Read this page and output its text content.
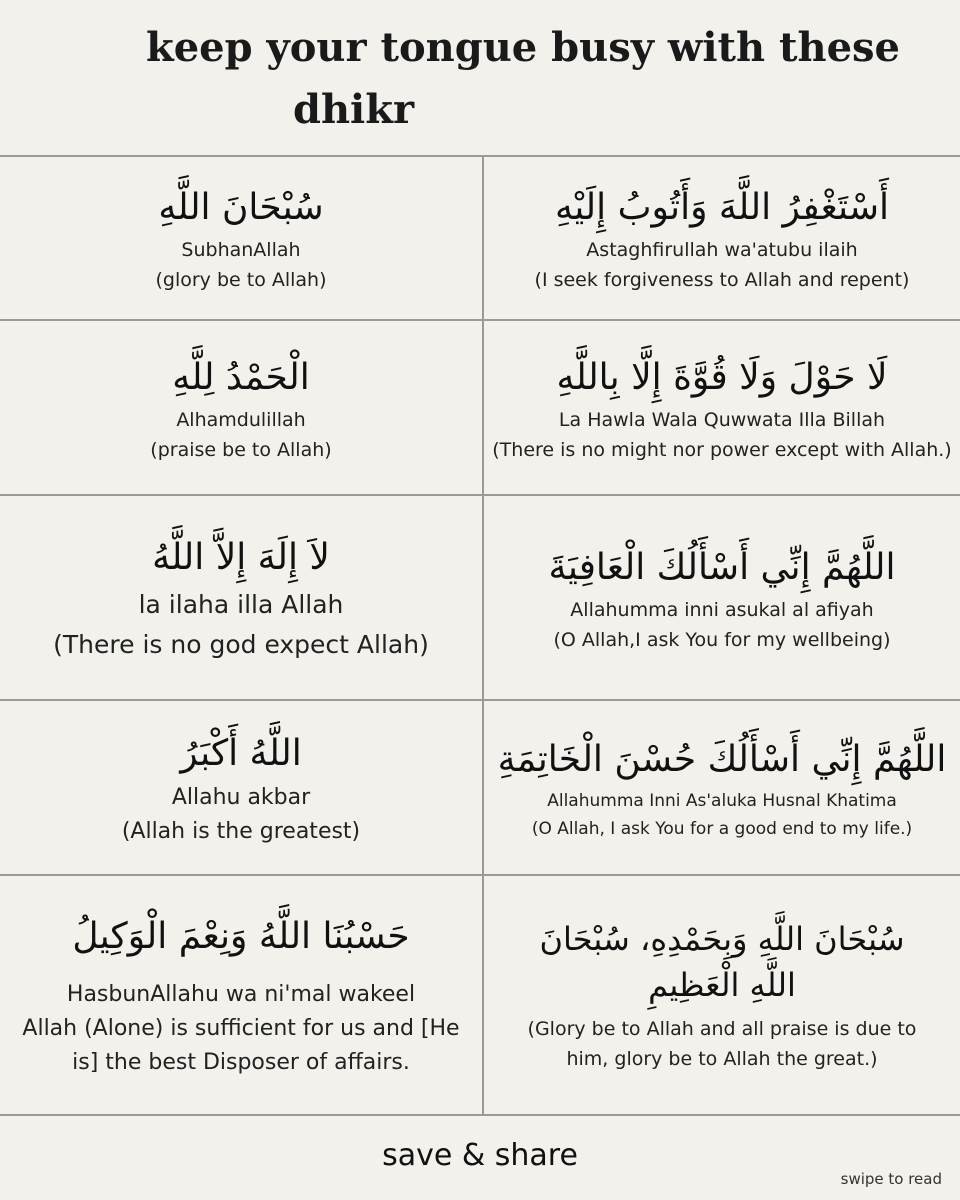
keep your tongue busy with these
dhikr
سُبْحَانَ اللَّهِ
SubhanAllah
(glory be to Allah)
أَسْتَغْفِرُ اللَّهَ وَأَتُوبُ إِلَيْهِ
Astaghfirullah wa'atubu ilaih
(I seek forgiveness to Allah and repent)
الْحَمْدُ لِلَّهِ
Alhamdulillah
(praise be to Allah)
لَا حَوْلَ وَلَا قُوَّةَ إِلَّا بِاللَّهِ
La Hawla Wala Quwwata Illa Billah
(There is no might nor power except with Allah.)
لاَ إِلَهَ إِلاَّ اللَّهُ
la ilaha illa Allah
(There is no god expect Allah)
اللَّهُمَّ إِنِّي أَسْأَلُكَ الْعَافِيَةَ
Allahumma inni asukal al afiyah
(O Allah,I ask You for my wellbeing)
اللَّهُ أَكْبَرُ
Allahu akbar
(Allah is the greatest)
اللَّهُمَّ إِنِّي أَسْأَلُكَ حُسْنَ الْخَاتِمَةِ
Allahumma Inni As'aluka Husnal Khatima
(O Allah, I ask You for a good end to my life.)
حَسْبُنَا اللَّهُ وَنِعْمَ الْوَكِيلُ
HasbunAllahu wa ni'mal wakeel
Allah (Alone) is sufficient for us and [He is] the best Disposer of affairs.
سُبْحَانَ اللَّهِ وَبِحَمْدِهِ، سُبْحَانَ اللَّهِ الْعَظِيمِ
(Glory be to Allah and all praise is due to him, glory be to Allah the great.)
save & share
swipe to read
